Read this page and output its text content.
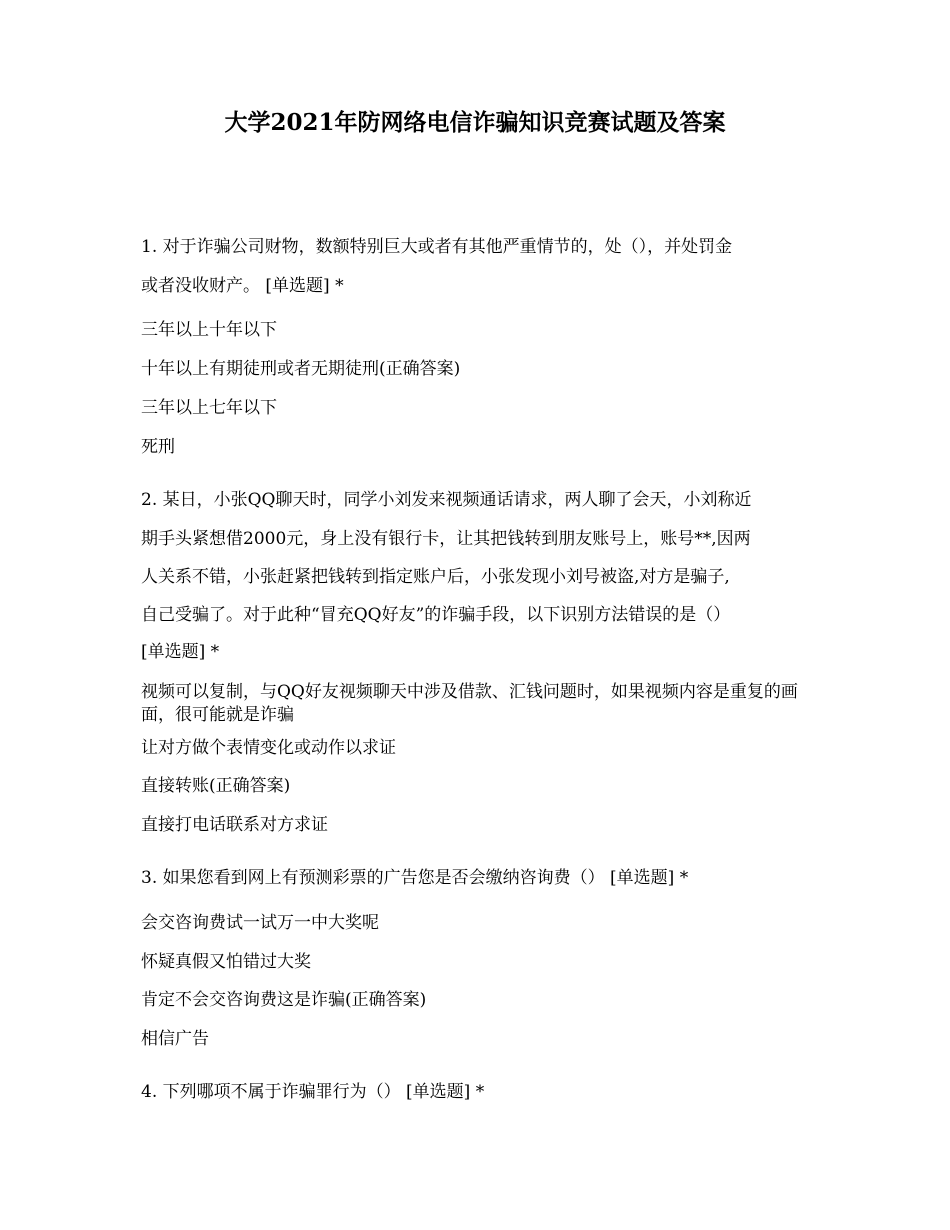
大学2021年防网络电信诈骗知识竞赛试题及答案
1. 对于诈骗公司财物，数额特别巨大或者有其他严重情节的，处（），并处罚金
或者没收财产。 [单选题] *
三年以上十年以下
十年以上有期徒刑或者无期徒刑(正确答案)
三年以上七年以下
死刑
2. 某日，小张QQ聊天时，同学小刘发来视频通话请求，两人聊了会天，小刘称近
期手头紧想借2000元，身上没有银行卡，让其把钱转到朋友账号上，账号**,因两
人关系不错，小张赶紧把钱转到指定账户后，小张发现小刘号被盗,对方是骗子,
自己受骗了。对于此种“冒充QQ好友”的诈骗手段，以下识别方法错误的是（）
[单选题] *
视频可以复制，与QQ好友视频聊天中涉及借款、汇钱问题时，如果视频内容是重复的画面，很可能就是诈骗
让对方做个表情变化或动作以求证
直接转账(正确答案)
直接打电话联系对方求证
3. 如果您看到网上有预测彩票的广告您是否会缴纳咨询费（） [单选题] *
会交咨询费试一试万一中大奖呢
怀疑真假又怕错过大奖
肯定不会交咨询费这是诈骗(正确答案)
相信广告
4. 下列哪项不属于诈骗罪行为（） [单选题] *
